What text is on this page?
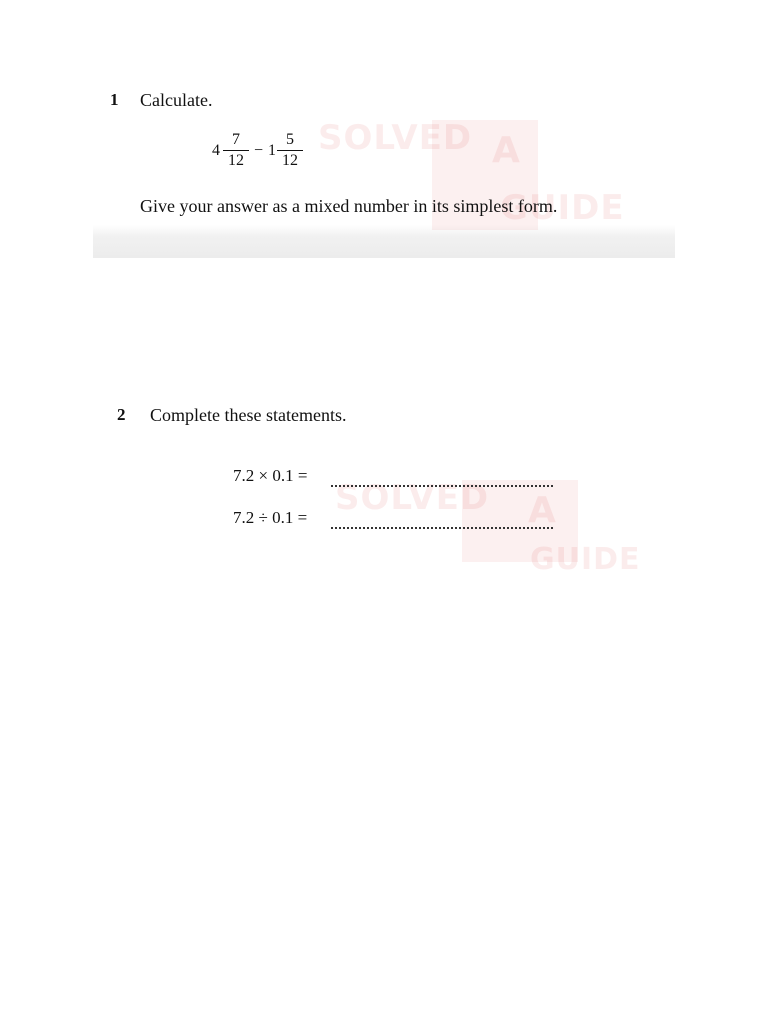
1 Calculate.
4
7
12
− 1
5
12
Give your answer as a mixed number in its simplest form.
SOLVED A
GUIDE
2 Complete these statements.
7.2 × 0.1 =
7.2 ÷ 0.1 =
